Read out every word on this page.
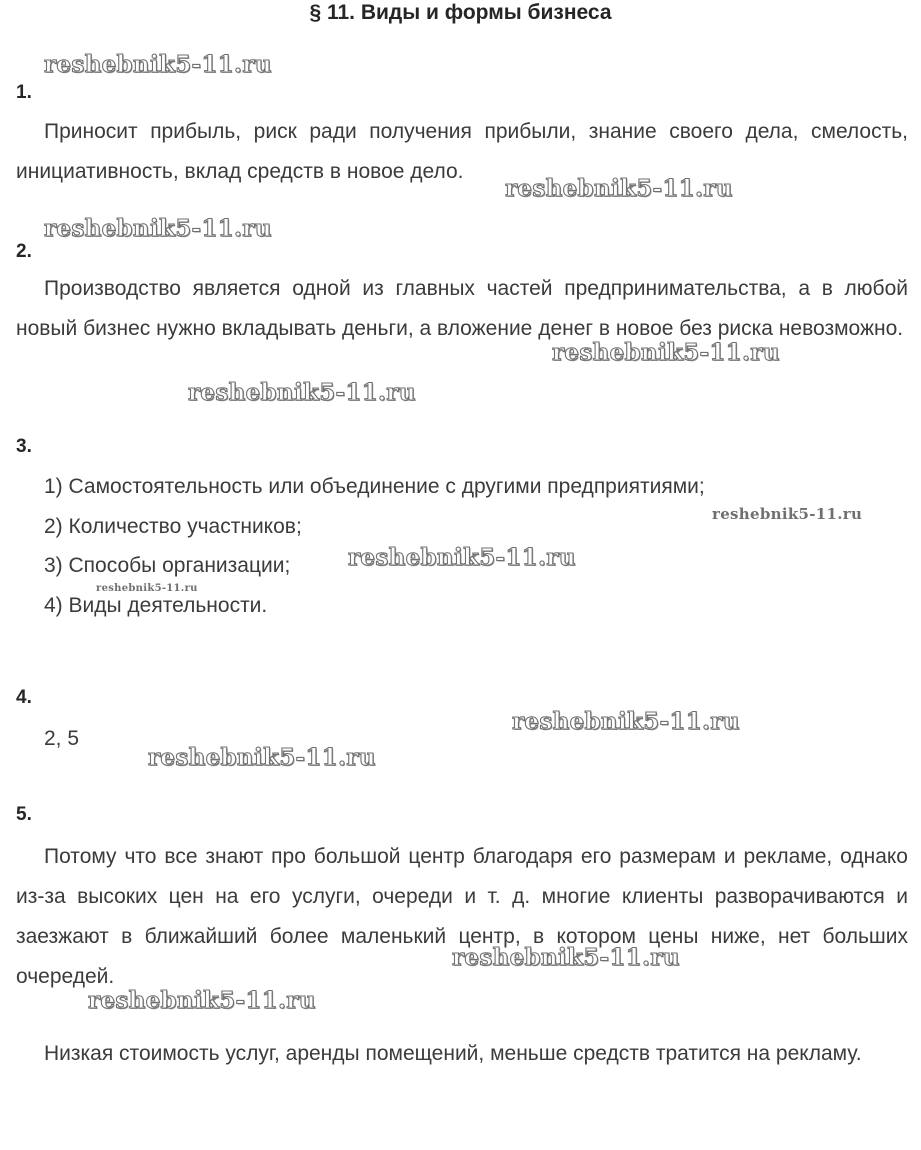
§ 11. Виды и формы бизнеса
1.

Приносит прибыль, риск ради получения прибыли, знание своего дела, смелость, инициативность, вклад средств в новое дело.

2.

Производство является одной из главных частей предпринимательства, а в любой новый бизнес нужно вкладывать деньги, а вложение денег в новое без риска невозможно.

3.
1) Самостоятельность или объединение с другими предприятиями;
2) Количество участников;
3) Способы организации;
4) Виды деятельности.
4.
2, 5
5.

Потому что все знают про большой центр благодаря его размерам и рекламе, однако из-за высоких цен на его услуги, очереди и т. д. многие клиенты разворачиваются и заезжают в ближайший более маленький центр, в котором цены ниже, нет больших очередей.

Низкая стоимость услуг, аренды помещений, меньше средств тратится на рекламу.

reshebnik5-11.ru
reshebnik5-11.ru
reshebnik5-11.ru
reshebnik5-11.ru
reshebnik5-11.ru
reshebnik5-11.ru
reshebnik5-11.ru
reshebnik5-11.ru
reshebnik5-11.ru
reshebnik5-11.ru
reshebnik5-11.ru
reshebnik5-11.ru
